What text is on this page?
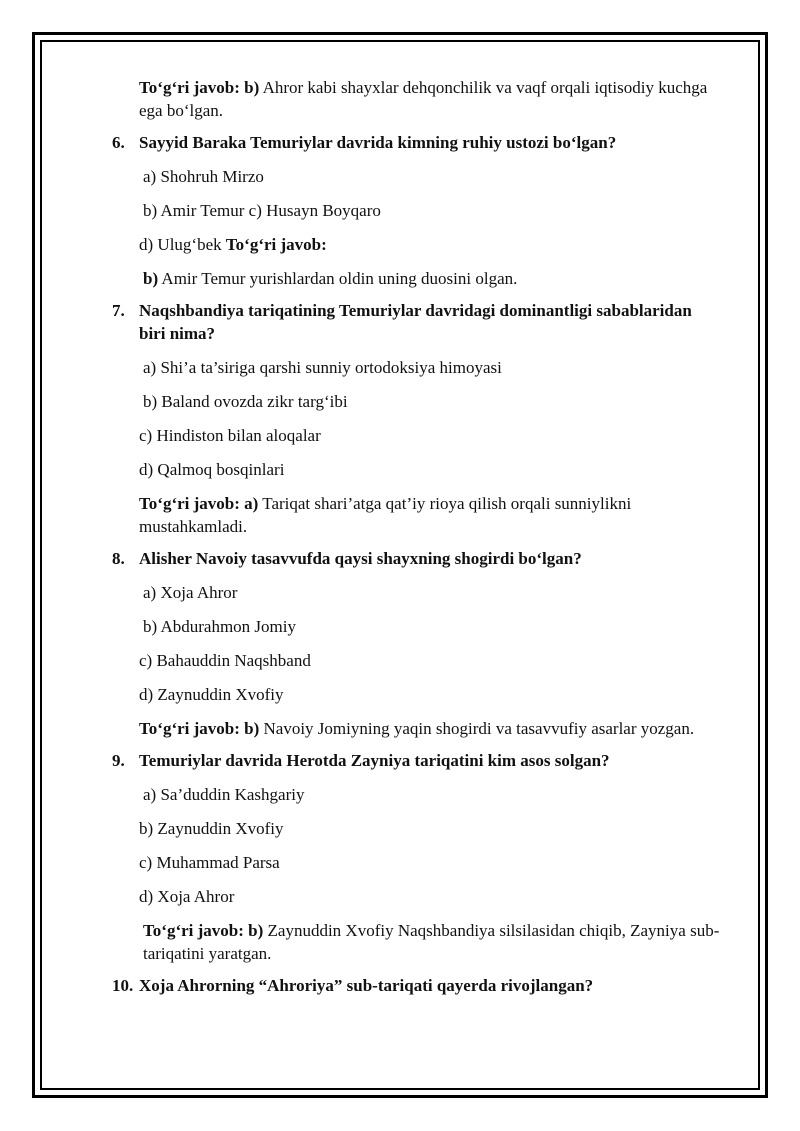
To‘g‘ri javob: b) Ahror kabi shayxlar dehqonchilik va vaqf orqali iqtisodiy kuchga ega bo‘lgan.

6. Sayyid Baraka Temuriylar davrida kimning ruhiy ustozi bo‘lgan?

a) Shohruh Mirzo

b) Amir Temur c) Husayn Boyqaro

d) Ulug‘bek To‘g‘ri javob:

b) Amir Temur yurishlardan oldin uning duosini olgan.

7. Naqshbandiya tariqatining Temuriylar davridagi dominantligi sabablaridan biri nima?

a) Shi’a ta’siriga qarshi sunniy ortodoksiya himoyasi

b) Baland ovozda zikr targ‘ibi

c) Hindiston bilan aloqalar

d) Qalmoq bosqinlari

To‘g‘ri javob: a) Tariqat shari’atga qat’iy rioya qilish orqali sunniylikni mustahkamladi.

8. Alisher Navoiy tasavvufda qaysi shayxning shogirdi bo‘lgan?

a) Xoja Ahror

b) Abdurahmon Jomiy

c) Bahauddin Naqshband

d) Zaynuddin Xvofiy

To‘g‘ri javob: b) Navoiy Jomiyning yaqin shogirdi va tasavvufiy asarlar yozgan.

9. Temuriylar davrida Herotda Zayniya tariqatini kim asos solgan?

a) Sa’duddin Kashgariy

b) Zaynuddin Xvofiy

c) Muhammad Parsa

d) Xoja Ahror

To‘g‘ri javob: b) Zaynuddin Xvofiy Naqshbandiya silsilasidan chiqib, Zayniya sub-tariqatini yaratgan.

10. Xoja Ahrorning “Ahroriya” sub-tariqati qayerda rivojlangan?
